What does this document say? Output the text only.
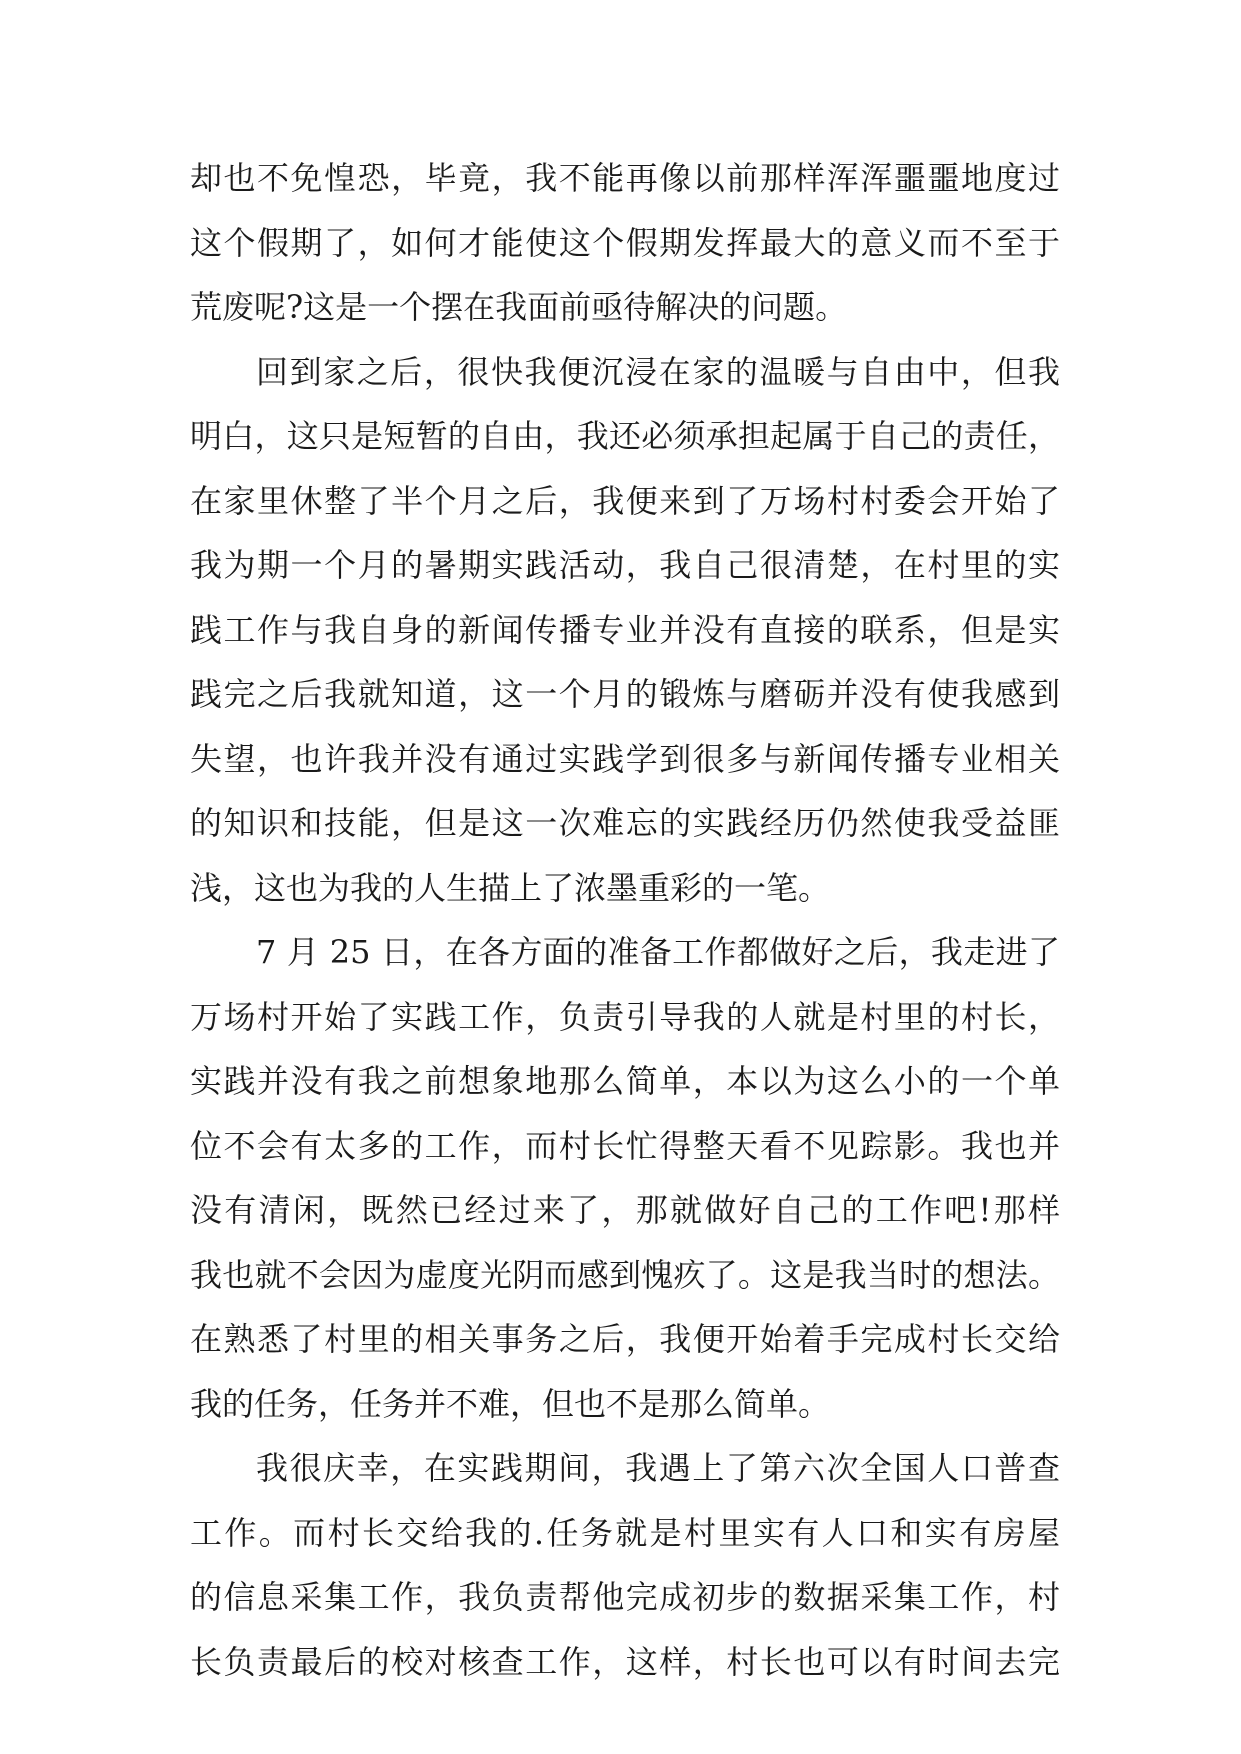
却也不免惶恐，毕竟，我不能再像以前那样浑浑噩噩地度过
这个假期了，如何才能使这个假期发挥最大的意义而不至于
荒废呢?这是一个摆在我面前亟待解决的问题。
回到家之后，很快我便沉浸在家的温暖与自由中，但我
明白，这只是短暂的自由，我还必须承担起属于自己的责任，
在家里休整了半个月之后，我便来到了万场村村委会开始了
我为期一个月的暑期实践活动，我自己很清楚，在村里的实
践工作与我自身的新闻传播专业并没有直接的联系，但是实
践完之后我就知道，这一个月的锻炼与磨砺并没有使我感到
失望，也许我并没有通过实践学到很多与新闻传播专业相关
的知识和技能，但是这一次难忘的实践经历仍然使我受益匪
浅，这也为我的人生描上了浓墨重彩的一笔。
7 月 25 日，在各方面的准备工作都做好之后，我走进了
万场村开始了实践工作，负责引导我的人就是村里的村长，
实践并没有我之前想象地那么简单，本以为这么小的一个单
位不会有太多的工作，而村长忙得整天看不见踪影。我也并
没有清闲，既然已经过来了，那就做好自己的工作吧!那样
我也就不会因为虚度光阴而感到愧疚了。这是我当时的想法。
在熟悉了村里的相关事务之后，我便开始着手完成村长交给
我的任务，任务并不难，但也不是那么简单。
我很庆幸，在实践期间，我遇上了第六次全国人口普查
工作。而村长交给我的.任务就是村里实有人口和实有房屋
的信息采集工作，我负责帮他完成初步的数据采集工作，村
长负责最后的校对核查工作，这样，村长也可以有时间去完
